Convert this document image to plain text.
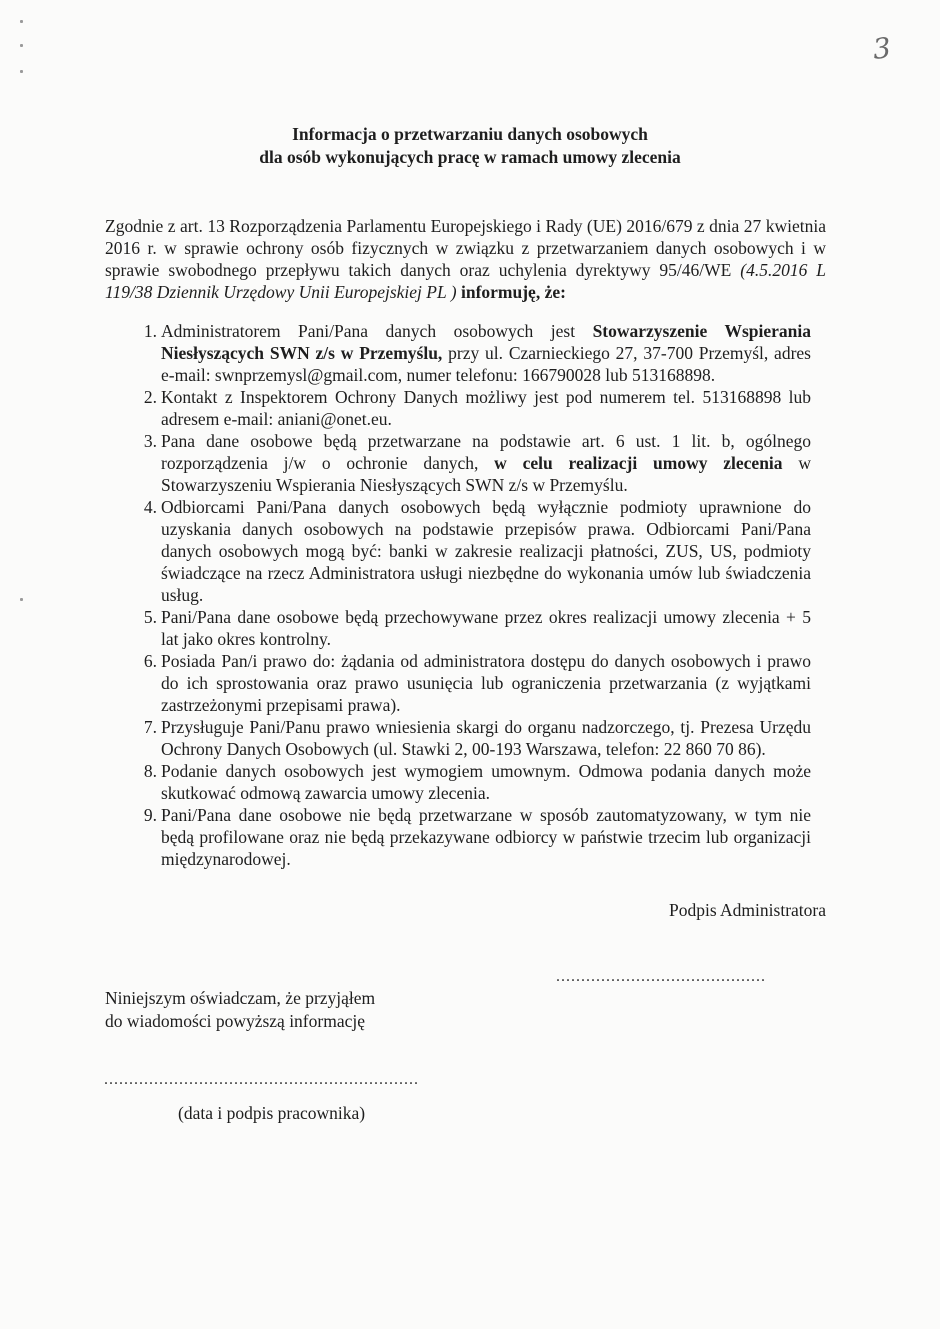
3
Informacja o przetwarzaniu danych osobowych
dla osób wykonujących pracę w ramach umowy zlecenia
Zgodnie z art. 13 Rozporządzenia Parlamentu Europejskiego i Rady (UE) 2016/679 z dnia 27 kwietnia 2016 r. w sprawie ochrony osób fizycznych w związku z przetwarzaniem danych osobowych i w sprawie swobodnego przepływu takich danych oraz uchylenia dyrektywy 95/46/WE (4.5.2016 L 119/38 Dziennik Urzędowy Unii Europejskiej PL ) informuję, że:
1. Administratorem Pani/Pana danych osobowych jest Stowarzyszenie Wspierania Niesłyszących SWN z/s w Przemyślu, przy ul. Czarnieckiego 27, 37-700 Przemyśl, adres e-mail: swnprzemysl@gmail.com, numer telefonu: 166790028 lub 513168898.
2. Kontakt z Inspektorem Ochrony Danych możliwy jest pod numerem tel. 513168898 lub adresem e-mail: aniani@onet.eu.
3. Pana dane osobowe będą przetwarzane na podstawie art. 6 ust. 1 lit. b, ogólnego rozporządzenia j/w o ochronie danych, w celu realizacji umowy zlecenia w Stowarzyszeniu Wspierania Niesłyszących SWN z/s w Przemyślu.
4. Odbiorcami Pani/Pana danych osobowych będą wyłącznie podmioty uprawnione do uzyskania danych osobowych na podstawie przepisów prawa. Odbiorcami Pani/Pana danych osobowych mogą być: banki w zakresie realizacji płatności, ZUS, US, podmioty świadczące na rzecz Administratora usługi niezbędne do wykonania umów lub świadczenia usług.
5. Pani/Pana dane osobowe będą przechowywane przez okres realizacji umowy zlecenia + 5 lat jako okres kontrolny.
6. Posiada Pan/i prawo do: żądania od administratora dostępu do danych osobowych i prawo do ich sprostowania oraz prawo usunięcia lub ograniczenia przetwarzania (z wyjątkami zastrzeżonymi przepisami prawa).
7. Przysługuje Pani/Panu prawo wniesienia skargi do organu nadzorczego, tj. Prezesa Urzędu Ochrony Danych Osobowych (ul. Stawki 2, 00-193 Warszawa, telefon: 22 860 70 86).
8. Podanie danych osobowych jest wymogiem umownym. Odmowa podania danych może skutkować odmową zawarcia umowy zlecenia.
9. Pani/Pana dane osobowe nie będą przetwarzane w sposób zautomatyzowany, w tym nie będą profilowane oraz nie będą przekazywane odbiorcy w państwie trzecim lub organizacji międzynarodowej.
Podpis Administratora
..........................................
Niniejszym oświadczam, że przyjąłem
do wiadomości powyższą informację
...............................................................
(data i podpis pracownika)
